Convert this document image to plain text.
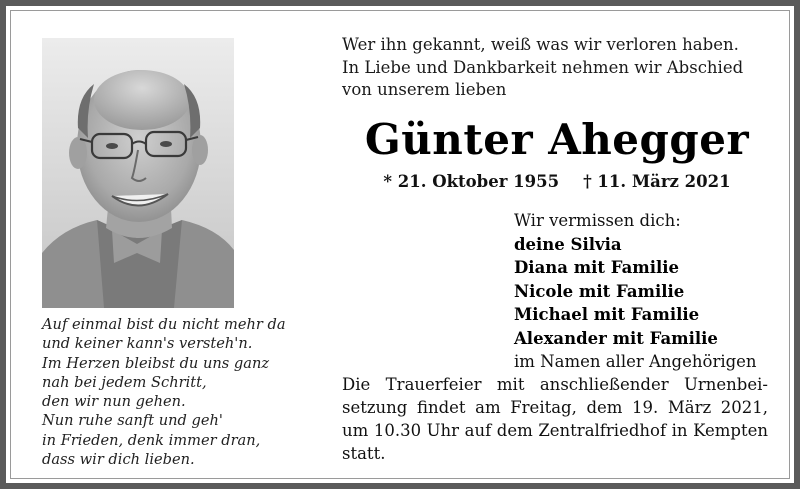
Auf einmal bist du nicht mehr da
und keiner kann's versteh'n.
Im Herzen bleibst du uns ganz
nah bei jedem Schritt,
den wir nun gehen.
Nun ruhe sanft und geh'
in Frieden, denk immer dran,
dass wir dich lieben.
Wer ihn gekannt, weiß was wir verloren haben.
In Liebe und Dankbarkeit nehmen wir Abschied
von unserem lieben
Günter Ahegger
* 21. Oktober 1955 † 11. März 2021
Wir vermissen dich:
deine Silvia
Diana mit Familie
Nicole mit Familie
Michael mit Familie
Alexander mit Familie
im Namen aller Angehörigen
Die Trauerfeier mit anschließender Urnenbei-
setzung findet am Freitag, dem 19. März 2021,
um 10.30 Uhr auf dem Zentralfriedhof in Kempten
statt.
